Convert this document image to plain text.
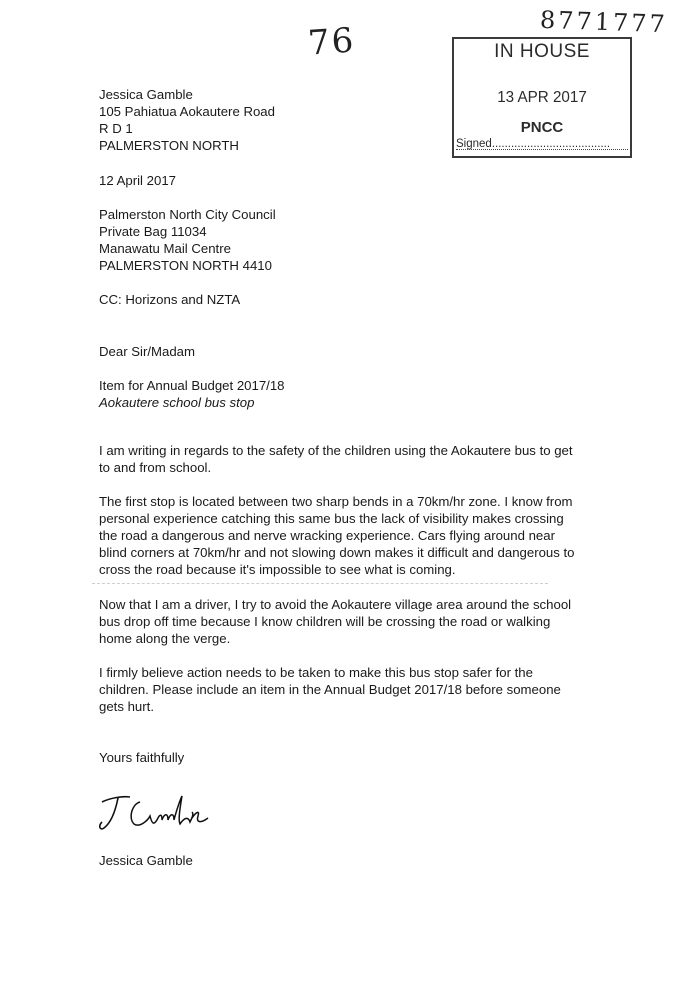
76	8771777
IN HOUSE
13 APR 2017
PNCC
Signed.....................................
Jessica Gamble
105 Pahiatua Aokautere Road
R D 1
PALMERSTON NORTH
12 April 2017
Palmerston North City Council
Private Bag 11034
Manawatu Mail Centre
PALMERSTON NORTH 4410
CC: Horizons and NZTA
Dear Sir/Madam
Item for Annual Budget 2017/18
Aokautere school bus stop
I am writing in regards to the safety of the children using the Aokautere bus to get to and from school.
The first stop is located between two sharp bends in a 70km/hr zone. I know from personal experience catching this same bus the lack of visibility makes crossing the road a dangerous and nerve wracking experience. Cars flying around near blind corners at 70km/hr and not slowing down makes it difficult and dangerous to cross the road because it's impossible to see what is coming.
Now that I am a driver, I try to avoid the Aokautere village area around the school bus drop off time because I know children will be crossing the road or walking home along the verge.
I firmly believe action needs to be taken to make this bus stop safer for the children. Please include an item in the Annual Budget 2017/18 before someone gets hurt.
Yours faithfully
Jessica Gamble
